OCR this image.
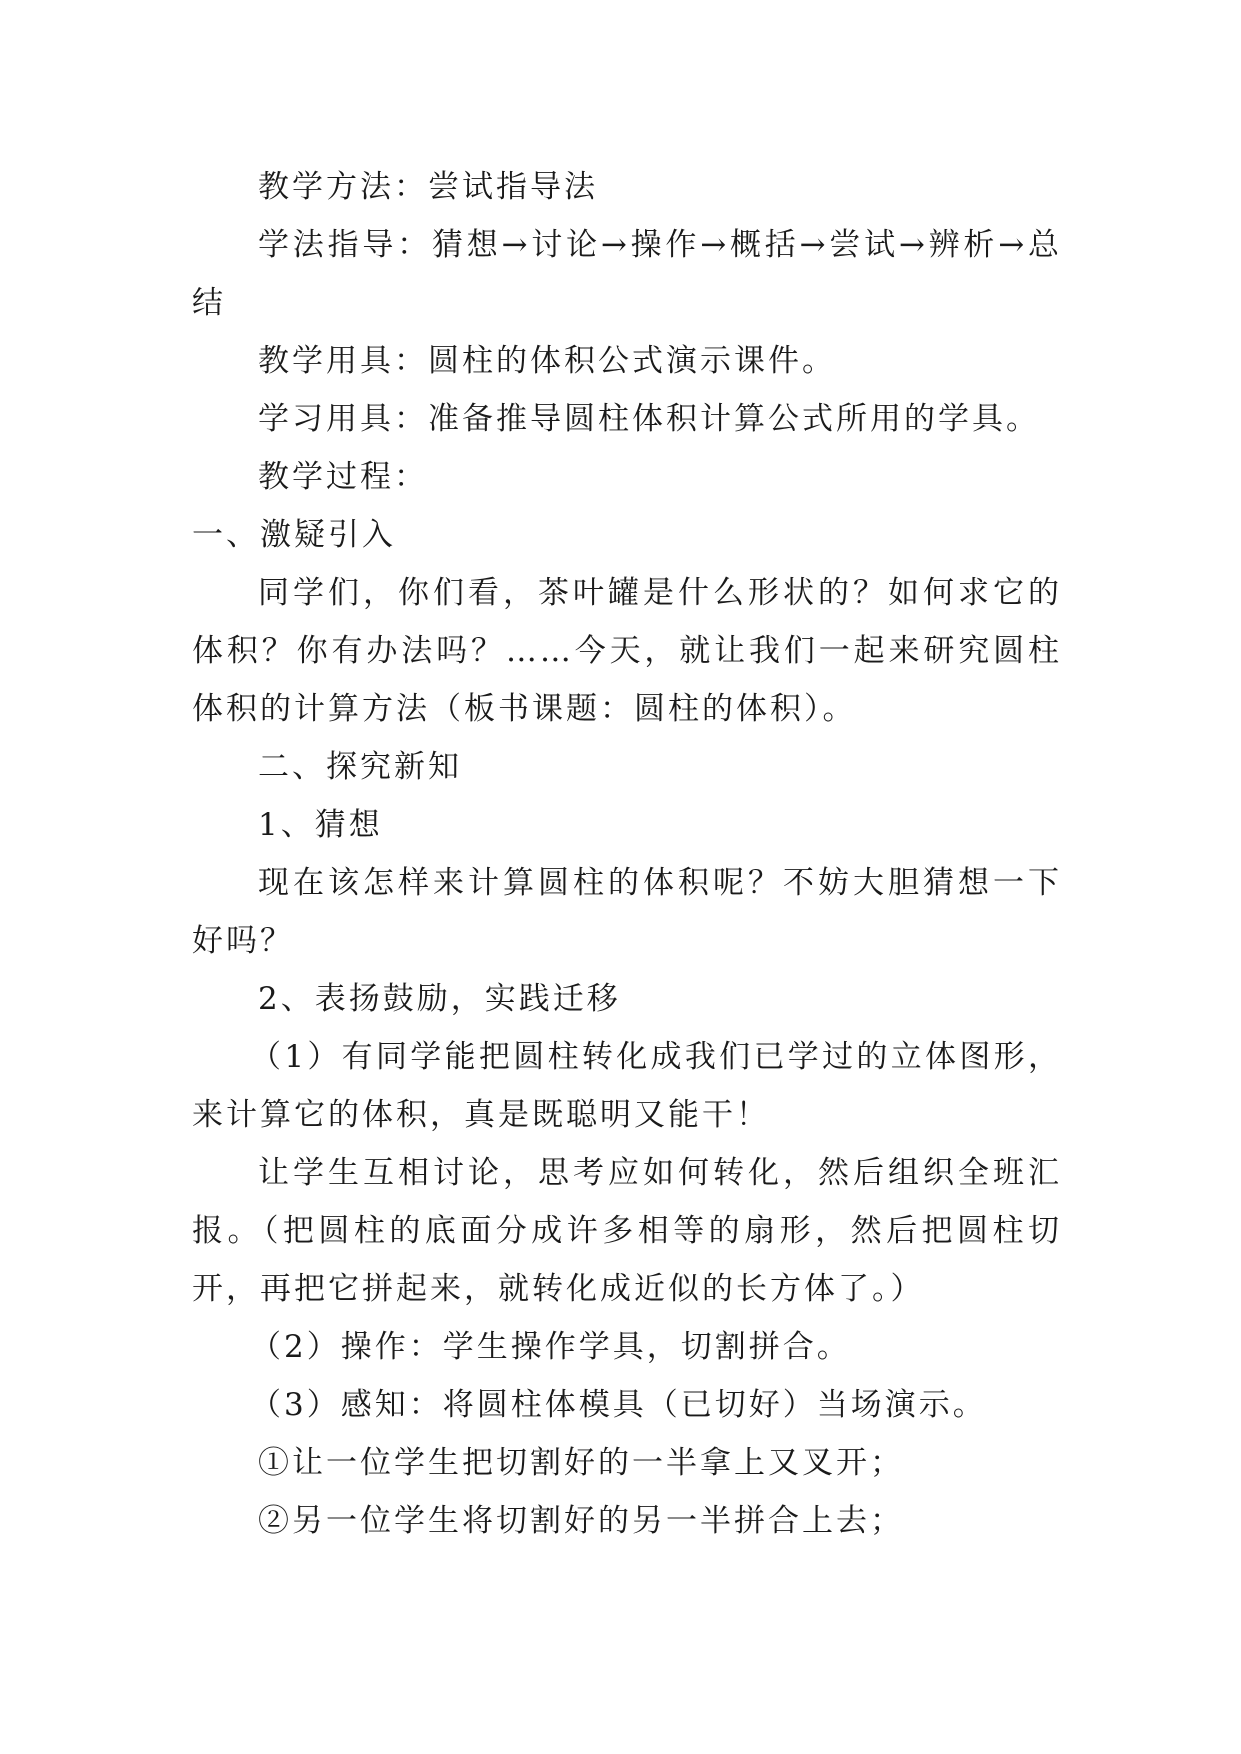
教学方法：尝试指导法

学法指导：猜想→讨论→操作→概括→尝试→辨析→总结

教学用具：圆柱的体积公式演示课件。

学习用具：准备推导圆柱体积计算公式所用的学具。

教学过程：

一、激疑引入

同学们，你们看，茶叶罐是什么形状的？如何求它的体积？你有办法吗？……今天，就让我们一起来研究圆柱体积的计算方法（板书课题：圆柱的体积）。

二、探究新知

1、猜想

现在该怎样来计算圆柱的体积呢？不妨大胆猜想一下好吗？

2、表扬鼓励，实践迁移

（1）有同学能把圆柱转化成我们已学过的立体图形，来计算它的体积，真是既聪明又能干！

让学生互相讨论，思考应如何转化，然后组织全班汇报。（把圆柱的底面分成许多相等的扇形，然后把圆柱切开，再把它拼起来，就转化成近似的长方体了。）

（2）操作：学生操作学具，切割拼合。

（3）感知：将圆柱体模具（已切好）当场演示。

①让一位学生把切割好的一半拿上又叉开；

②另一位学生将切割好的另一半拼合上去；
